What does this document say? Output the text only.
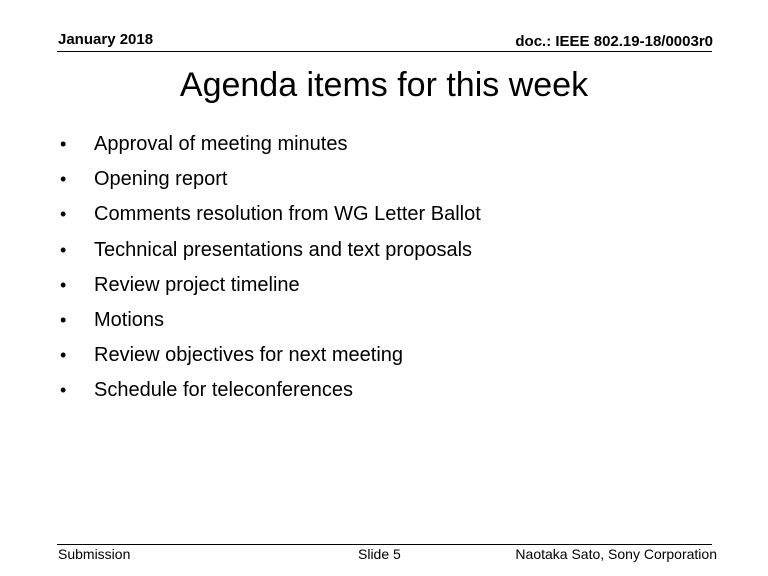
January 2018	doc.: IEEE 802.19-18/0003r0
Agenda items for this week
•	Approval of meeting minutes
•	Opening report
•	Comments resolution from WG Letter Ballot
•	Technical presentations and text proposals
•	Review project timeline
•	Motions
•	Review objectives for next meeting
•	Schedule for teleconferences
Submission	Slide 5	Naotaka Sato, Sony Corporation
